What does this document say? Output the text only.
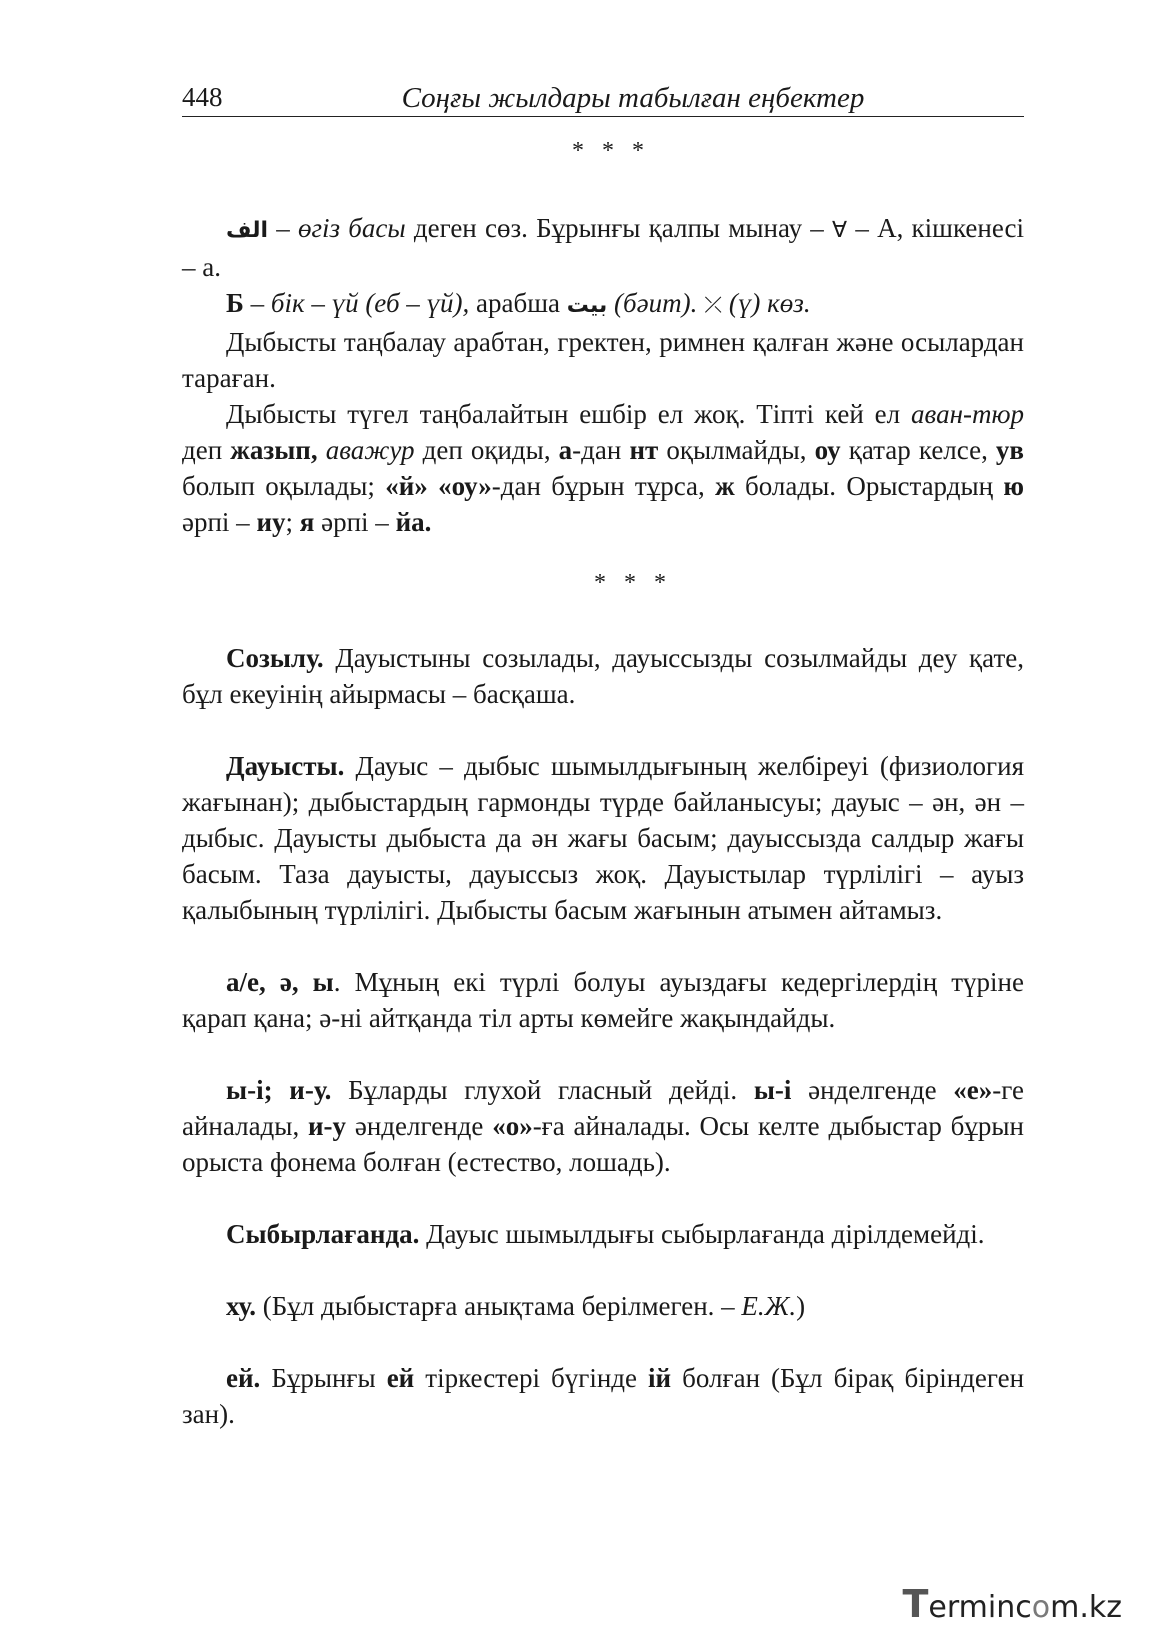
448	Соңғы жылдары табылған еңбектер
* * *

الف – өгіз басы деген сөз. Бұрынғы қалпы мынау – ∀ – А, кішкенесі – а.

Б – бік – үй (еб – үй), арабша بيت (бәит). ⤫ (ү) көз.

Дыбысты таңбалау арабтан, гректен, римнен қалған және осылардан тараған.

Дыбысты түгел таңбалайтын ешбір ел жоқ. Тіпті кей ел аван-тюр деп жазып, аважур деп оқиды, а-дан нт оқылмайды, оу қатар келсе, ув болып оқылады; «й» «оу»-дан бұрын тұрса, ж болады. Орыстардың ю әрпі – иу; я әрпі – йа.

* * *

Созылу. Дауыстыны созылады, дауыссызды созылмайды деу қате, бұл екеуінің айырмасы – басқаша.

Дауысты. Дауыс – дыбыс шымылдығының желбіреуі (физиология жағынан); дыбыстардың гармонды түрде байланысуы; дауыс – ән, ән – дыбыс. Дауысты дыбыста да ән жағы басым; дауыссызда салдыр жағы басым. Таза дауысты, дауыссыз жоқ. Дауыстылар түрлілігі – ауыз қалыбының түрлілігі. Дыбысты басым жағынын атымен айтамыз.

а/е, ә, ы. Мұның екі түрлі болуы ауыздағы кедергілердің түріне қарап қана; ә-ні айтқанда тіл арты көмейге жақындайды.

ы-і; и-у. Бұларды глухой гласный дейді. ы-і әнделгенде «е»-ге айналады, и-у әнделгенде «о»-ға айналады. Осы келте дыбыстар бұрын орыста фонема болған (естество, лошадь).

Сыбырлағанда. Дауыс шымылдығы сыбырлағанда дірілдемейді.

ху. (Бұл дыбыстарға анықтама берілмеген. – Е.Ж.)

ей. Бұрынғы ей тіркестері бүгінде ій болған (Бұл бірақ біріндеген зан).

Termincom.kz
